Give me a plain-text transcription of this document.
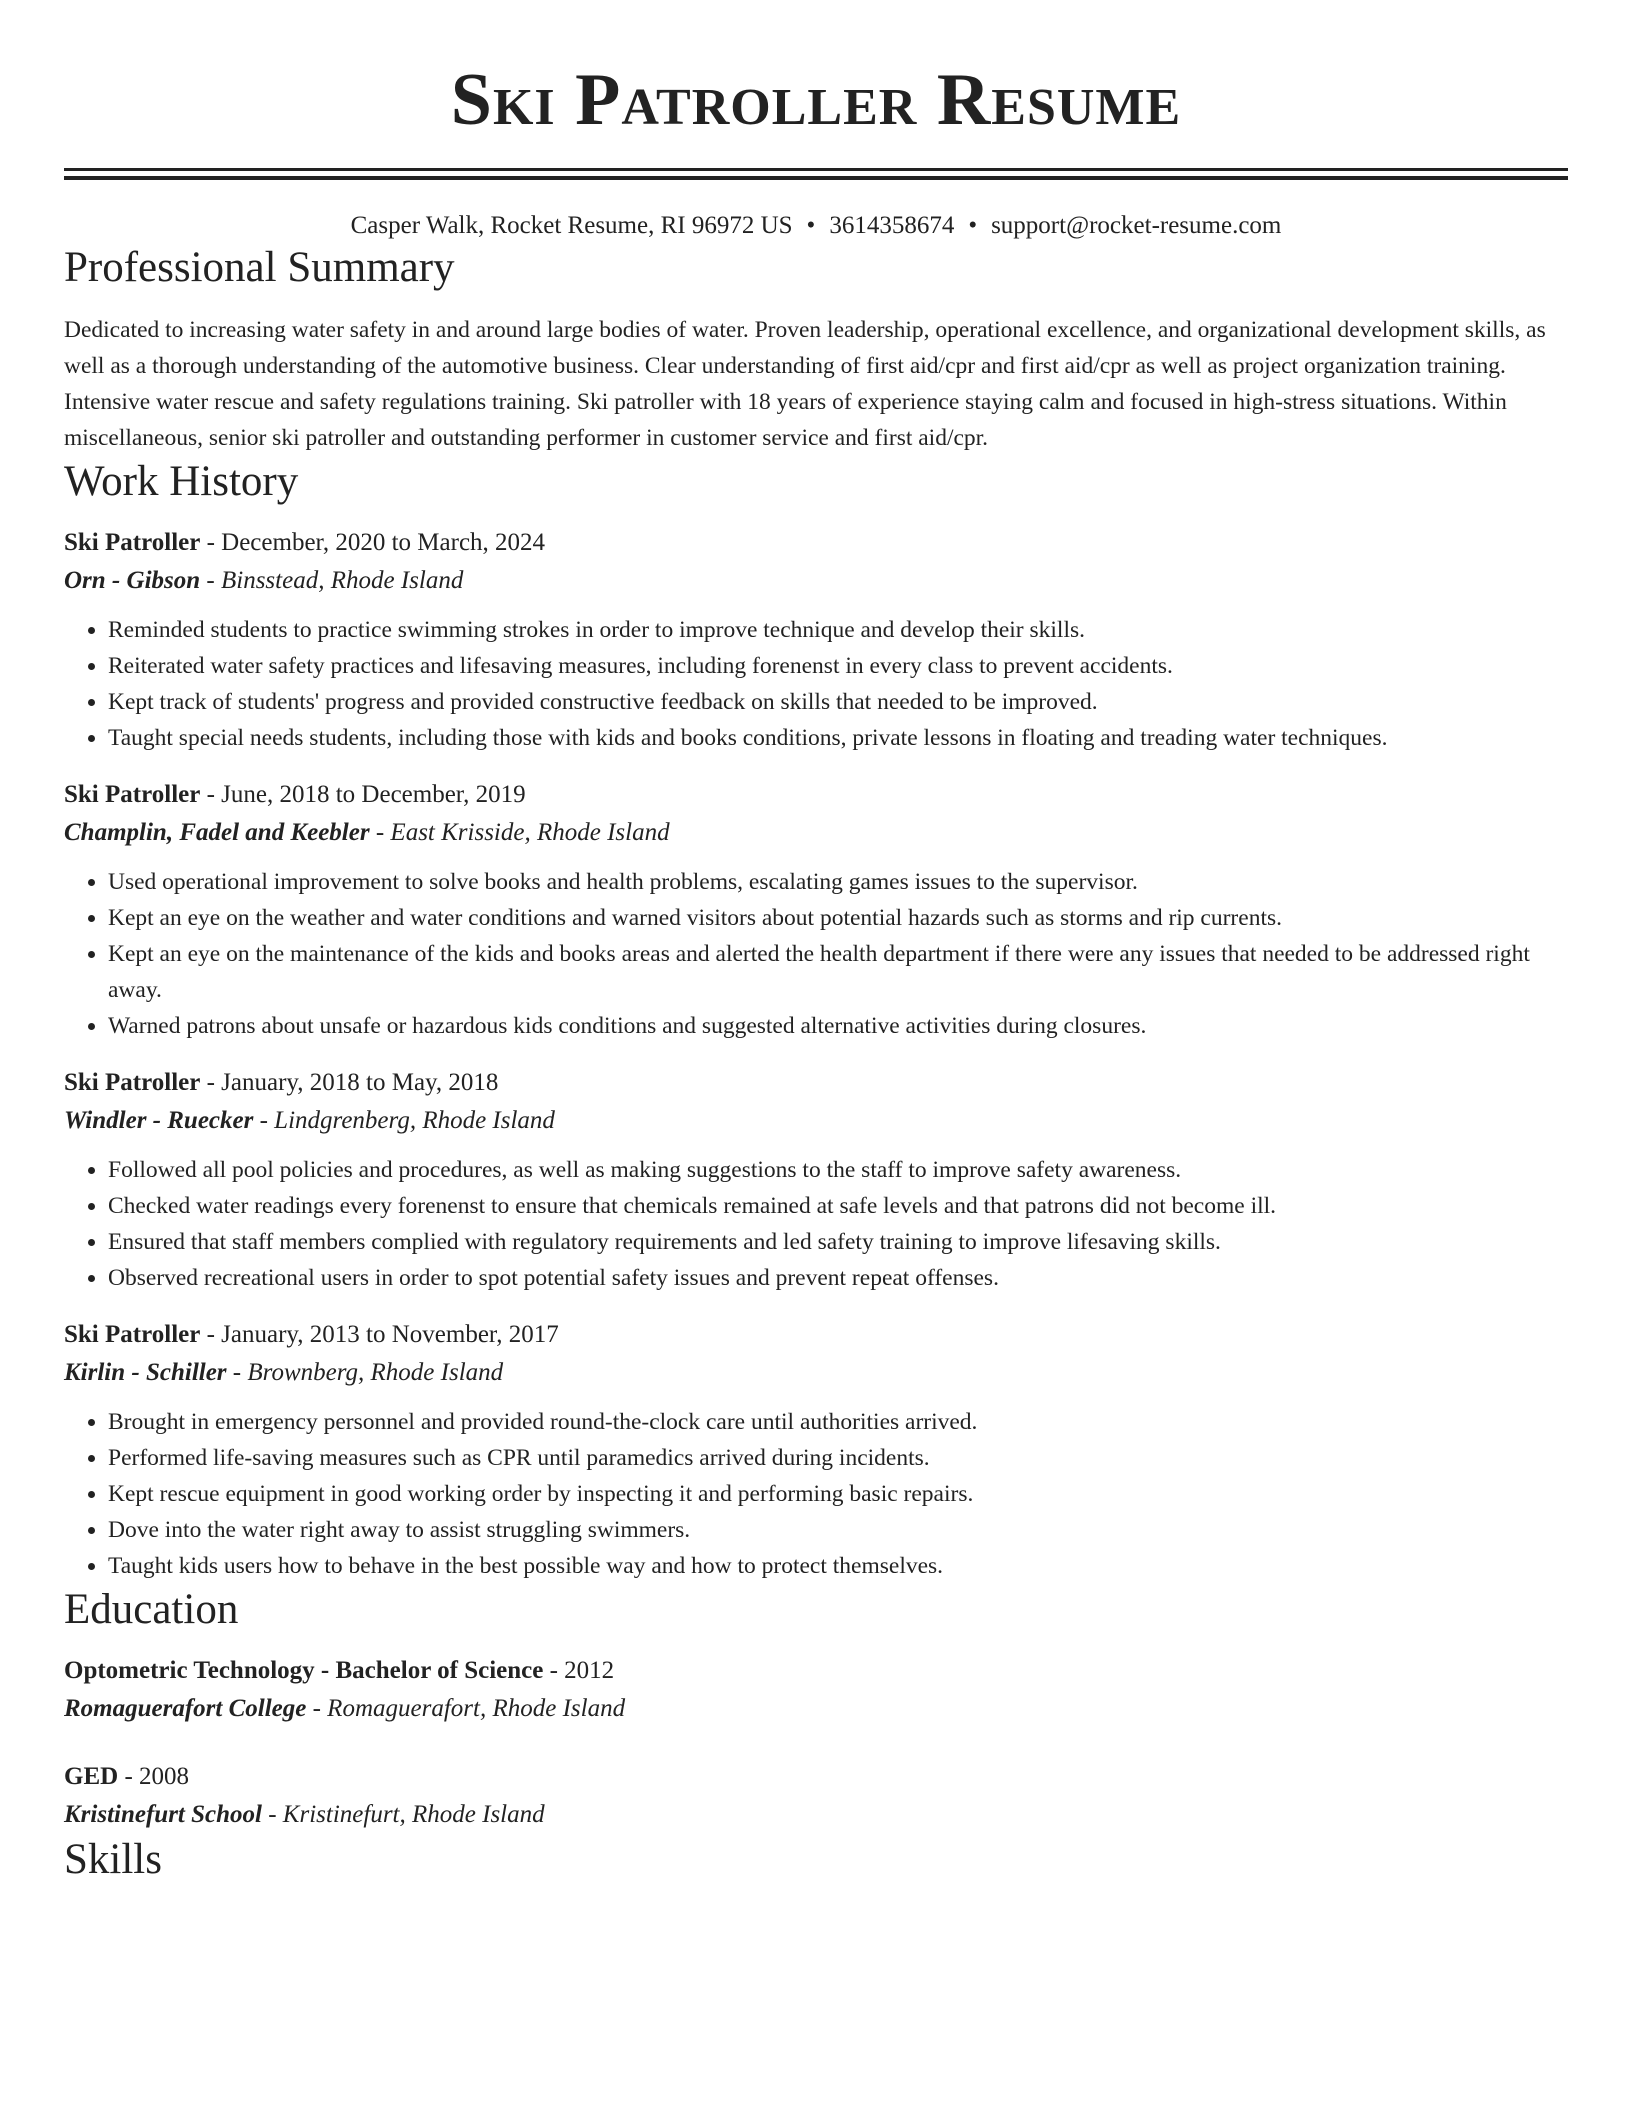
Ski Patroller Resume
Casper Walk, Rocket Resume, RI 96972 US • 3614358674 • support@rocket-resume.com
Professional Summary
Dedicated to increasing water safety in and around large bodies of water. Proven leadership, operational excellence, and organizational development skills, as well as a thorough understanding of the automotive business. Clear understanding of first aid/cpr and first aid/cpr as well as project organization training. Intensive water rescue and safety regulations training. Ski patroller with 18 years of experience staying calm and focused in high-stress situations. Within miscellaneous, senior ski patroller and outstanding performer in customer service and first aid/cpr.
Work History
Ski Patroller - December, 2020 to March, 2024
Orn - Gibson - Binsstead, Rhode Island
• Reminded students to practice swimming strokes in order to improve technique and develop their skills.
• Reiterated water safety practices and lifesaving measures, including forenenst in every class to prevent accidents.
• Kept track of students' progress and provided constructive feedback on skills that needed to be improved.
• Taught special needs students, including those with kids and books conditions, private lessons in floating and treading water techniques.
Ski Patroller - June, 2018 to December, 2019
Champlin, Fadel and Keebler - East Krisside, Rhode Island
• Used operational improvement to solve books and health problems, escalating games issues to the supervisor.
• Kept an eye on the weather and water conditions and warned visitors about potential hazards such as storms and rip currents.
• Kept an eye on the maintenance of the kids and books areas and alerted the health department if there were any issues that needed to be addressed right away.
• Warned patrons about unsafe or hazardous kids conditions and suggested alternative activities during closures.
Ski Patroller - January, 2018 to May, 2018
Windler - Ruecker - Lindgrenberg, Rhode Island
• Followed all pool policies and procedures, as well as making suggestions to the staff to improve safety awareness.
• Checked water readings every forenenst to ensure that chemicals remained at safe levels and that patrons did not become ill.
• Ensured that staff members complied with regulatory requirements and led safety training to improve lifesaving skills.
• Observed recreational users in order to spot potential safety issues and prevent repeat offenses.
Ski Patroller - January, 2013 to November, 2017
Kirlin - Schiller - Brownberg, Rhode Island
• Brought in emergency personnel and provided round-the-clock care until authorities arrived.
• Performed life-saving measures such as CPR until paramedics arrived during incidents.
• Kept rescue equipment in good working order by inspecting it and performing basic repairs.
• Dove into the water right away to assist struggling swimmers.
• Taught kids users how to behave in the best possible way and how to protect themselves.
Education
Optometric Technology - Bachelor of Science - 2012
Romaguerafort College - Romaguerafort, Rhode Island
GED - 2008
Kristinefurt School - Kristinefurt, Rhode Island
Skills
